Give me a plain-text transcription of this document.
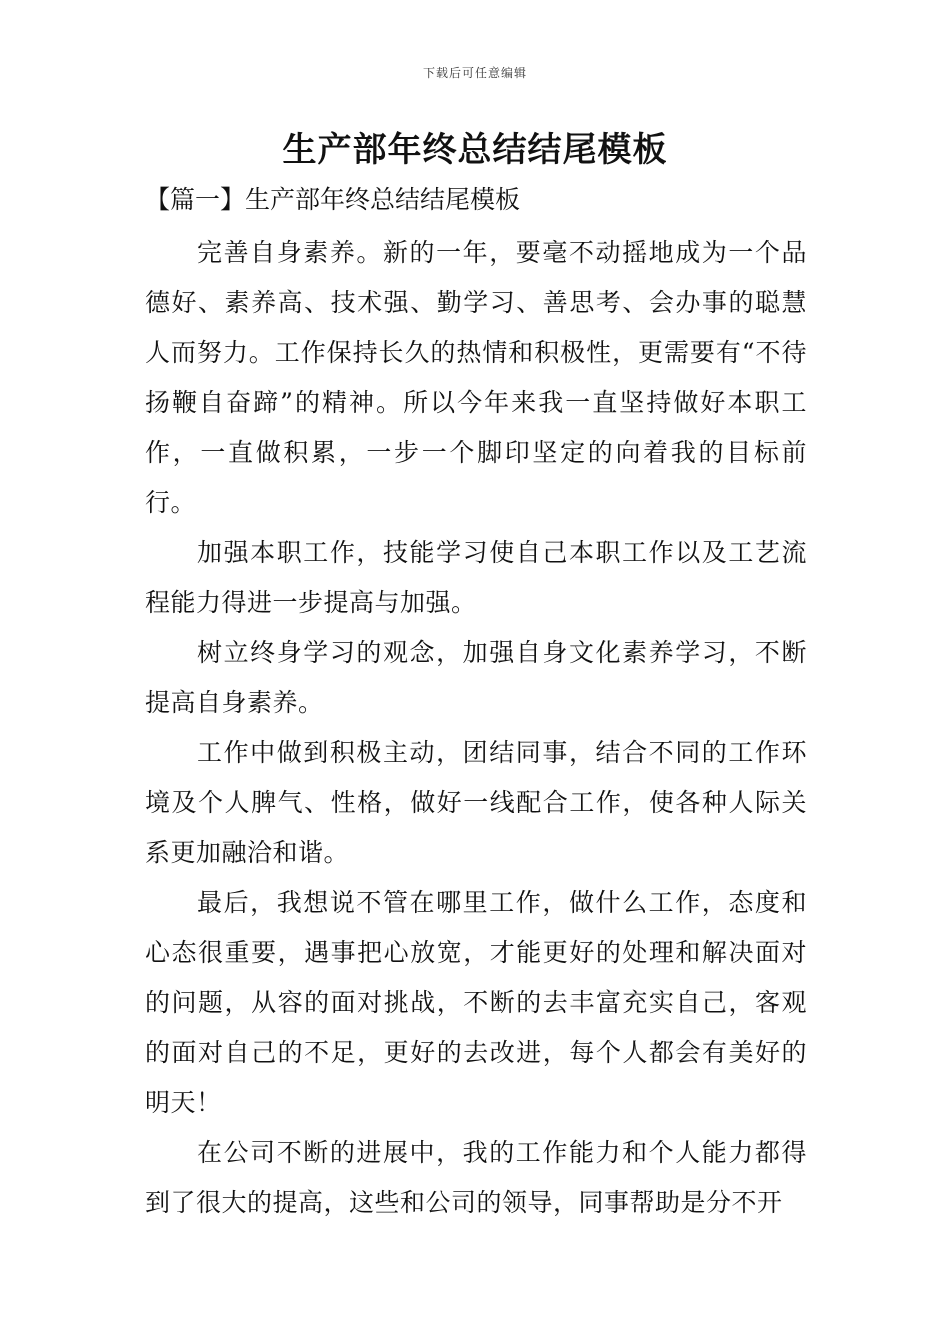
下载后可任意编辑
生产部年终总结结尾模板
【篇一】生产部年终总结结尾模板

完善自身素养。新的一年，要毫不动摇地成为一个品德好、素养高、技术强、勤学习、善思考、会办事的聪慧人而努力。工作保持长久的热情和积极性，更需要有“不待扬鞭自奋蹄”的精神。所以今年来我一直坚持做好本职工作，一直做积累，一步一个脚印坚定的向着我的目标前行。

加强本职工作，技能学习使自己本职工作以及工艺流程能力得进一步提高与加强。

树立终身学习的观念，加强自身文化素养学习，不断提高自身素养。

工作中做到积极主动，团结同事，结合不同的工作环境及个人脾气、性格，做好一线配合工作，使各种人际关系更加融洽和谐。

最后，我想说不管在哪里工作，做什么工作，态度和心态很重要，遇事把心放宽，才能更好的处理和解决面对的问题，从容的面对挑战，不断的去丰富充实自己，客观的面对自己的不足，更好的去改进，每个人都会有美好的明天！

在公司不断的进展中，我的工作能力和个人能力都得到了很大的提高，这些和公司的领导，同事帮助是分不开
